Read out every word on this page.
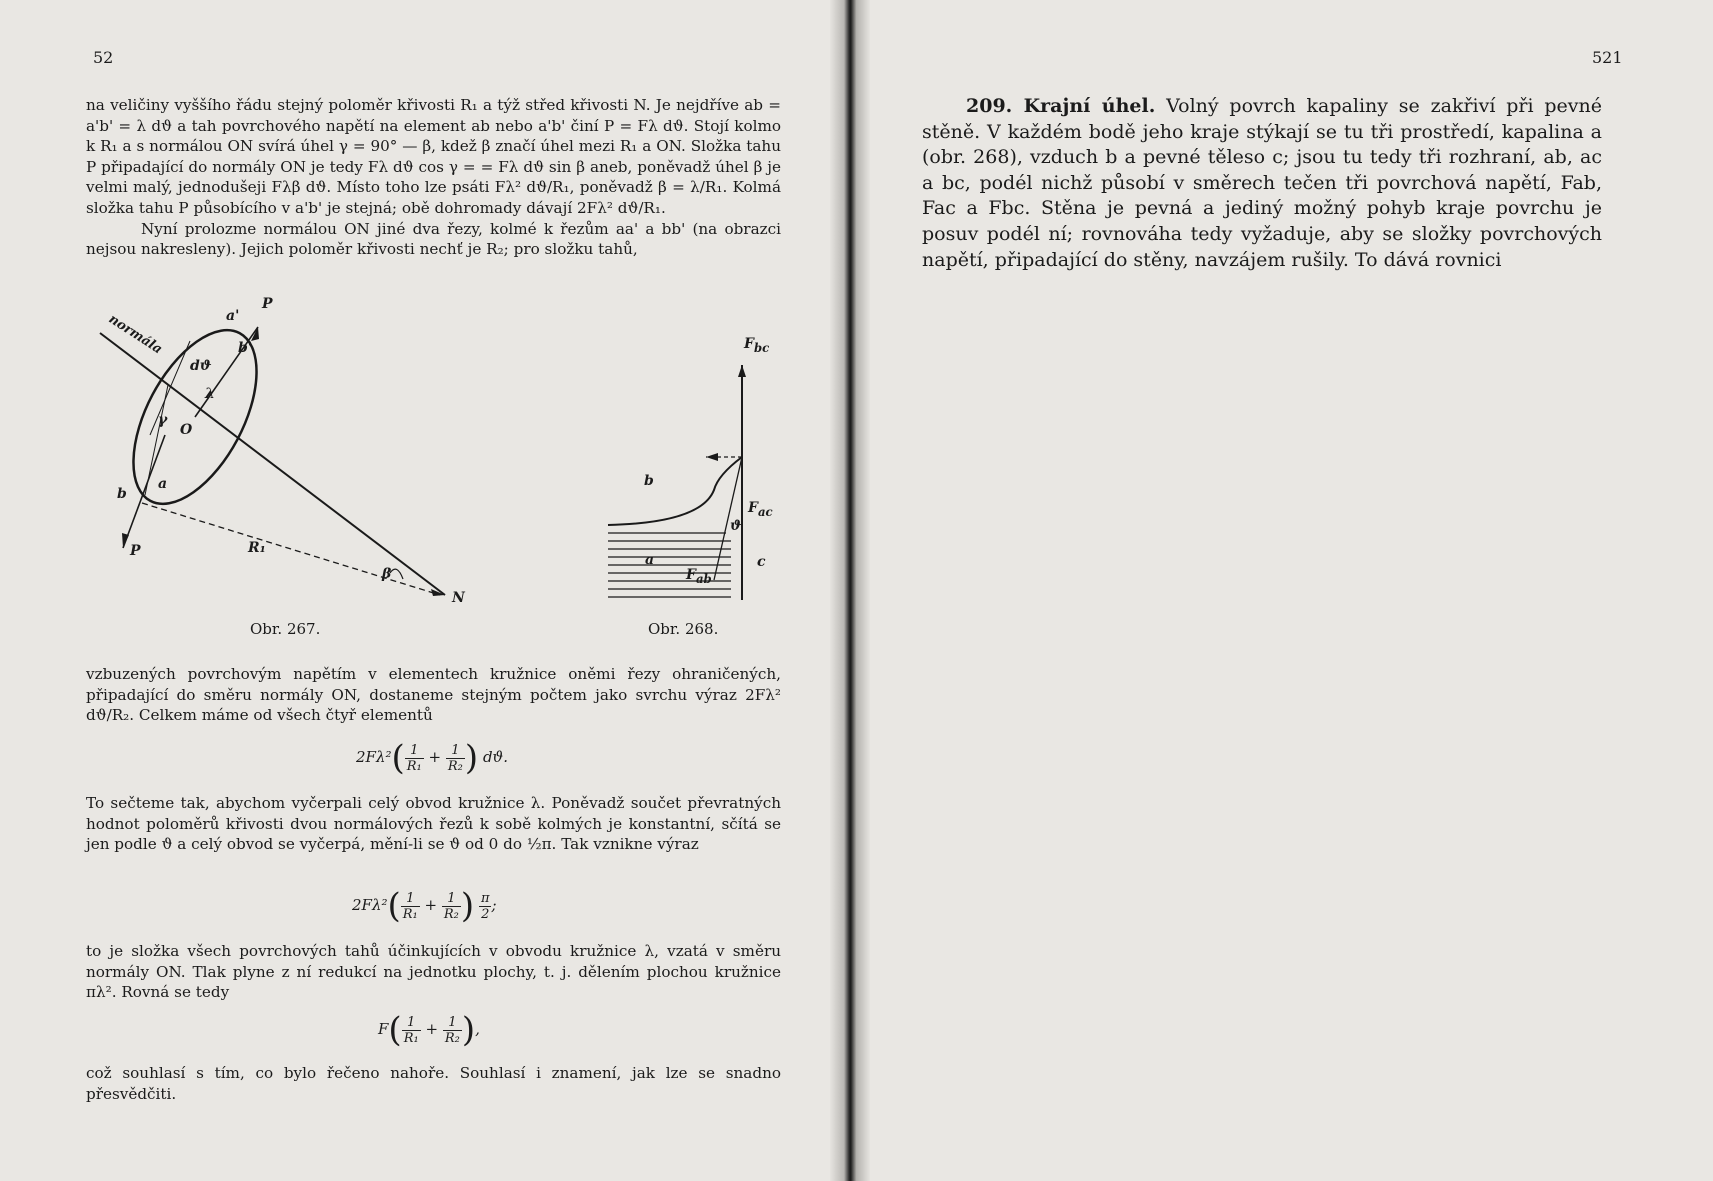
52

na veličiny vyššího řádu stejný poloměr křivosti R₁ a týž střed křivosti N. Je nejdříve ab = a'b' = λ dϑ a tah povrchového napětí na element ab nebo a'b' činí P = Fλ dϑ. Stojí kolmo k R₁ a s normálou ON svírá úhel γ = 90° — β, kdež β značí úhel mezi R₁ a ON. Složka tahu P připadající do normály ON je tedy Fλ dϑ cos γ = = Fλ dϑ sin β aneb, poněvadž úhel β je velmi malý, jednodušeji Fλβ dϑ. Místo toho lze psáti Fλ² dϑ/R₁, poněvadž β = λ/R₁. Kolmá složka tahu P působícího v a'b' je stejná; obě dohromady dávají 2Fλ² dϑ/R₁.

Nyní prolozme normálou ON jiné dva řezy, kolmé k řezům aa' a bb' (na obrazci nejsou nakresleny). Jejich poloměr křivosti nechť je R₂; pro složku tahů,

normála
P
a'
b'
dϑ
λ
γ
O
a
b
P	R₁
β
N
Obr. 267.
$F_{bc}$
b
$F_{ac}$
ϑ
a	c
$F_{ab}$
Obr. 268.

vzbuzených povrchovým napětím v elementech kružnice oněmi řezy ohraničených, připadající do směru normály ON, dostaneme stejným počtem jako svrchu výraz 2Fλ² dϑ/R₂. Celkem máme od všech čtyř elementů

$2F\lambda^2( \frac{1}{\text{R₁}} + \frac{1}{\text{R₂}}$ ) dϑ.

To sečteme tak, abychom vyčerpali celý obvod kružnice λ. Poněvadž součet převratných hodnot poloměrů křivosti dvou normálových řezů k sobě kolmých je konstantní, sčítá se jen podle ϑ a celý obvod se vyčerpá, mění-li se ϑ od 0 do ½π. Tak vznikne výraz

$2F\lambda^2( \frac{1}{\text{R₁}} + \frac{1}{\text{R₂}}$ ) $\frac{\pi}{2}$ ;

to je složka všech povrchových tahů účinkujících v obvodu kružnice λ, vzatá v směru normály ON. Tlak plyne z ní redukcí na jednotku plochy, t. j. dělením plochou kružnice πλ². Rovná se tedy

$F( \frac{1}{\text{R₁}} + \frac{1}{\text{R₂}}$ ),

což souhlasí s tím, co bylo řečeno nahoře. Souhlasí i znamení, jak lze se snadno přesvědčiti.

521

209. Krajní úhel. Volný povrch kapaliny se zakřiví při pevné stěně. V každém bodě jeho kraje stýkají se tu tři prostředí, kapalina a (obr. 268), vzduch b a pevné těleso c; jsou tu tedy tři rozhraní, ab, ac a bc, podél nichž působí v směrech tečen tři povrchová napětí, Fab, Fac a Fbc. Stěna je pevná a jediný možný pohyb kraje povrchu je posuv podél ní; rovnováha tedy vyžaduje, aby se složky povrchových napětí, připadající do stěny, navzájem rušily. To dává rovnici
